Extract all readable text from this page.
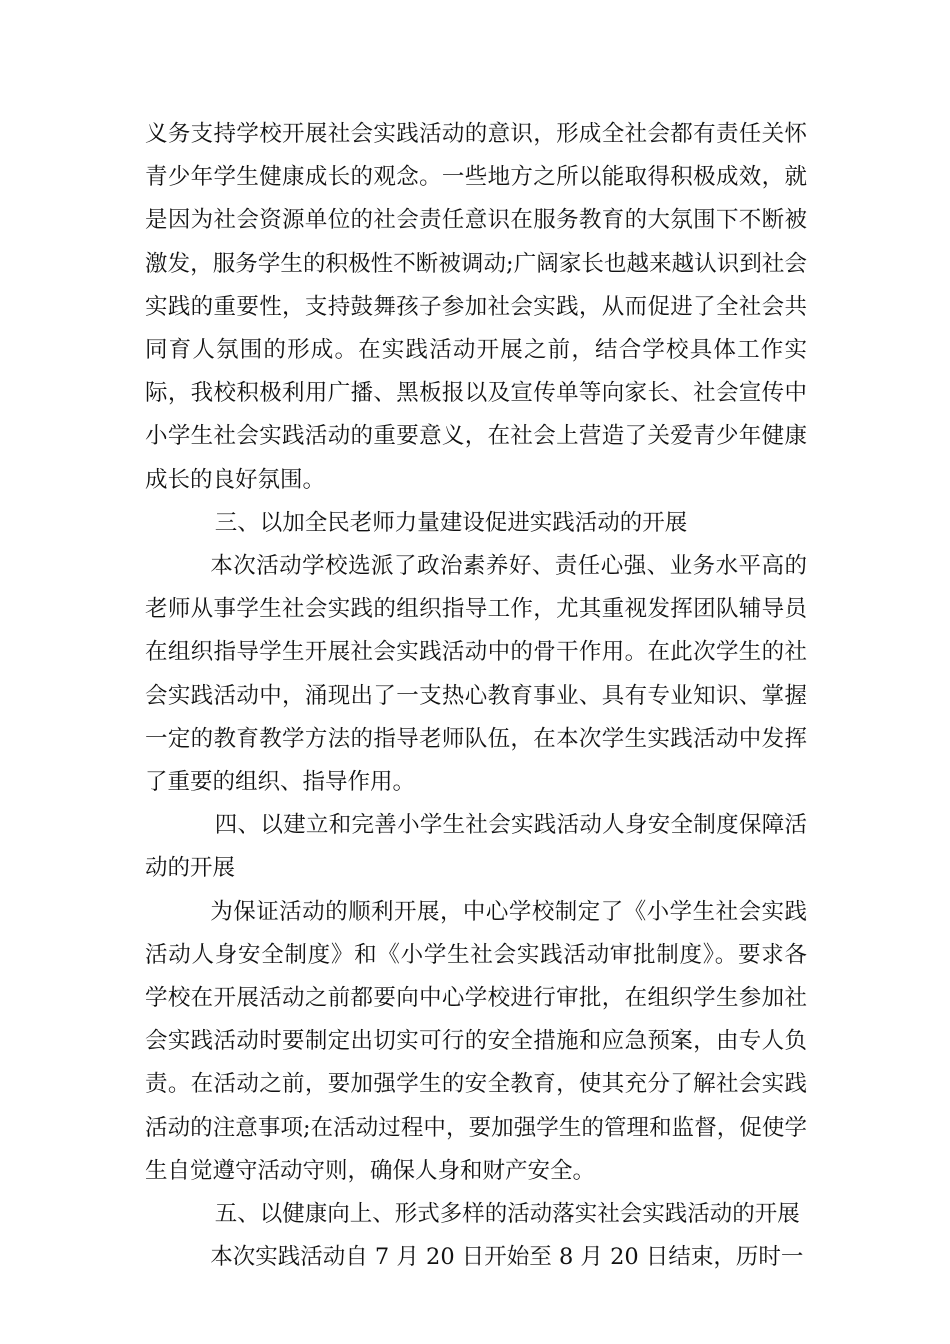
义务支持学校开展社会实践活动的意识，形成全社会都有责任关怀青少年学生健康成长的观念。一些地方之所以能取得积极成效，就是因为社会资源单位的社会责任意识在服务教育的大氛围下不断被激发，服务学生的积极性不断被调动;广阔家长也越来越认识到社会实践的重要性，支持鼓舞孩子参加社会实践，从而促进了全社会共同育人氛围的形成。在实践活动开展之前，结合学校具体工作实际，我校积极利用广播、黑板报以及宣传单等向家长、社会宣传中小学生社会实践活动的重要意义，在社会上营造了关爱青少年健康成长的良好氛围。

三、以加全民老师力量建设促进实践活动的开展

本次活动学校选派了政治素养好、责任心强、业务水平高的老师从事学生社会实践的组织指导工作，尤其重视发挥团队辅导员在组织指导学生开展社会实践活动中的骨干作用。在此次学生的社会实践活动中，涌现出了一支热心教育事业、具有专业知识、掌握一定的教育教学方法的指导老师队伍，在本次学生实践活动中发挥了重要的组织、指导作用。

四、以建立和完善小学生社会实践活动人身安全制度保障活动的开展

为保证活动的顺利开展，中心学校制定了《小学生社会实践活动人身安全制度》和《小学生社会实践活动审批制度》。要求各学校在开展活动之前都要向中心学校进行审批，在组织学生参加社会实践活动时要制定出切实可行的安全措施和应急预案，由专人负责。在活动之前，要加强学生的安全教育，使其充分了解社会实践活动的注意事项;在活动过程中，要加强学生的管理和监督，促使学生自觉遵守活动守则，确保人身和财产安全。

五、以健康向上、形式多样的活动落实社会实践活动的开展

本次实践活动自 7 月 20 日开始至 8 月 20 日结束，历时一
